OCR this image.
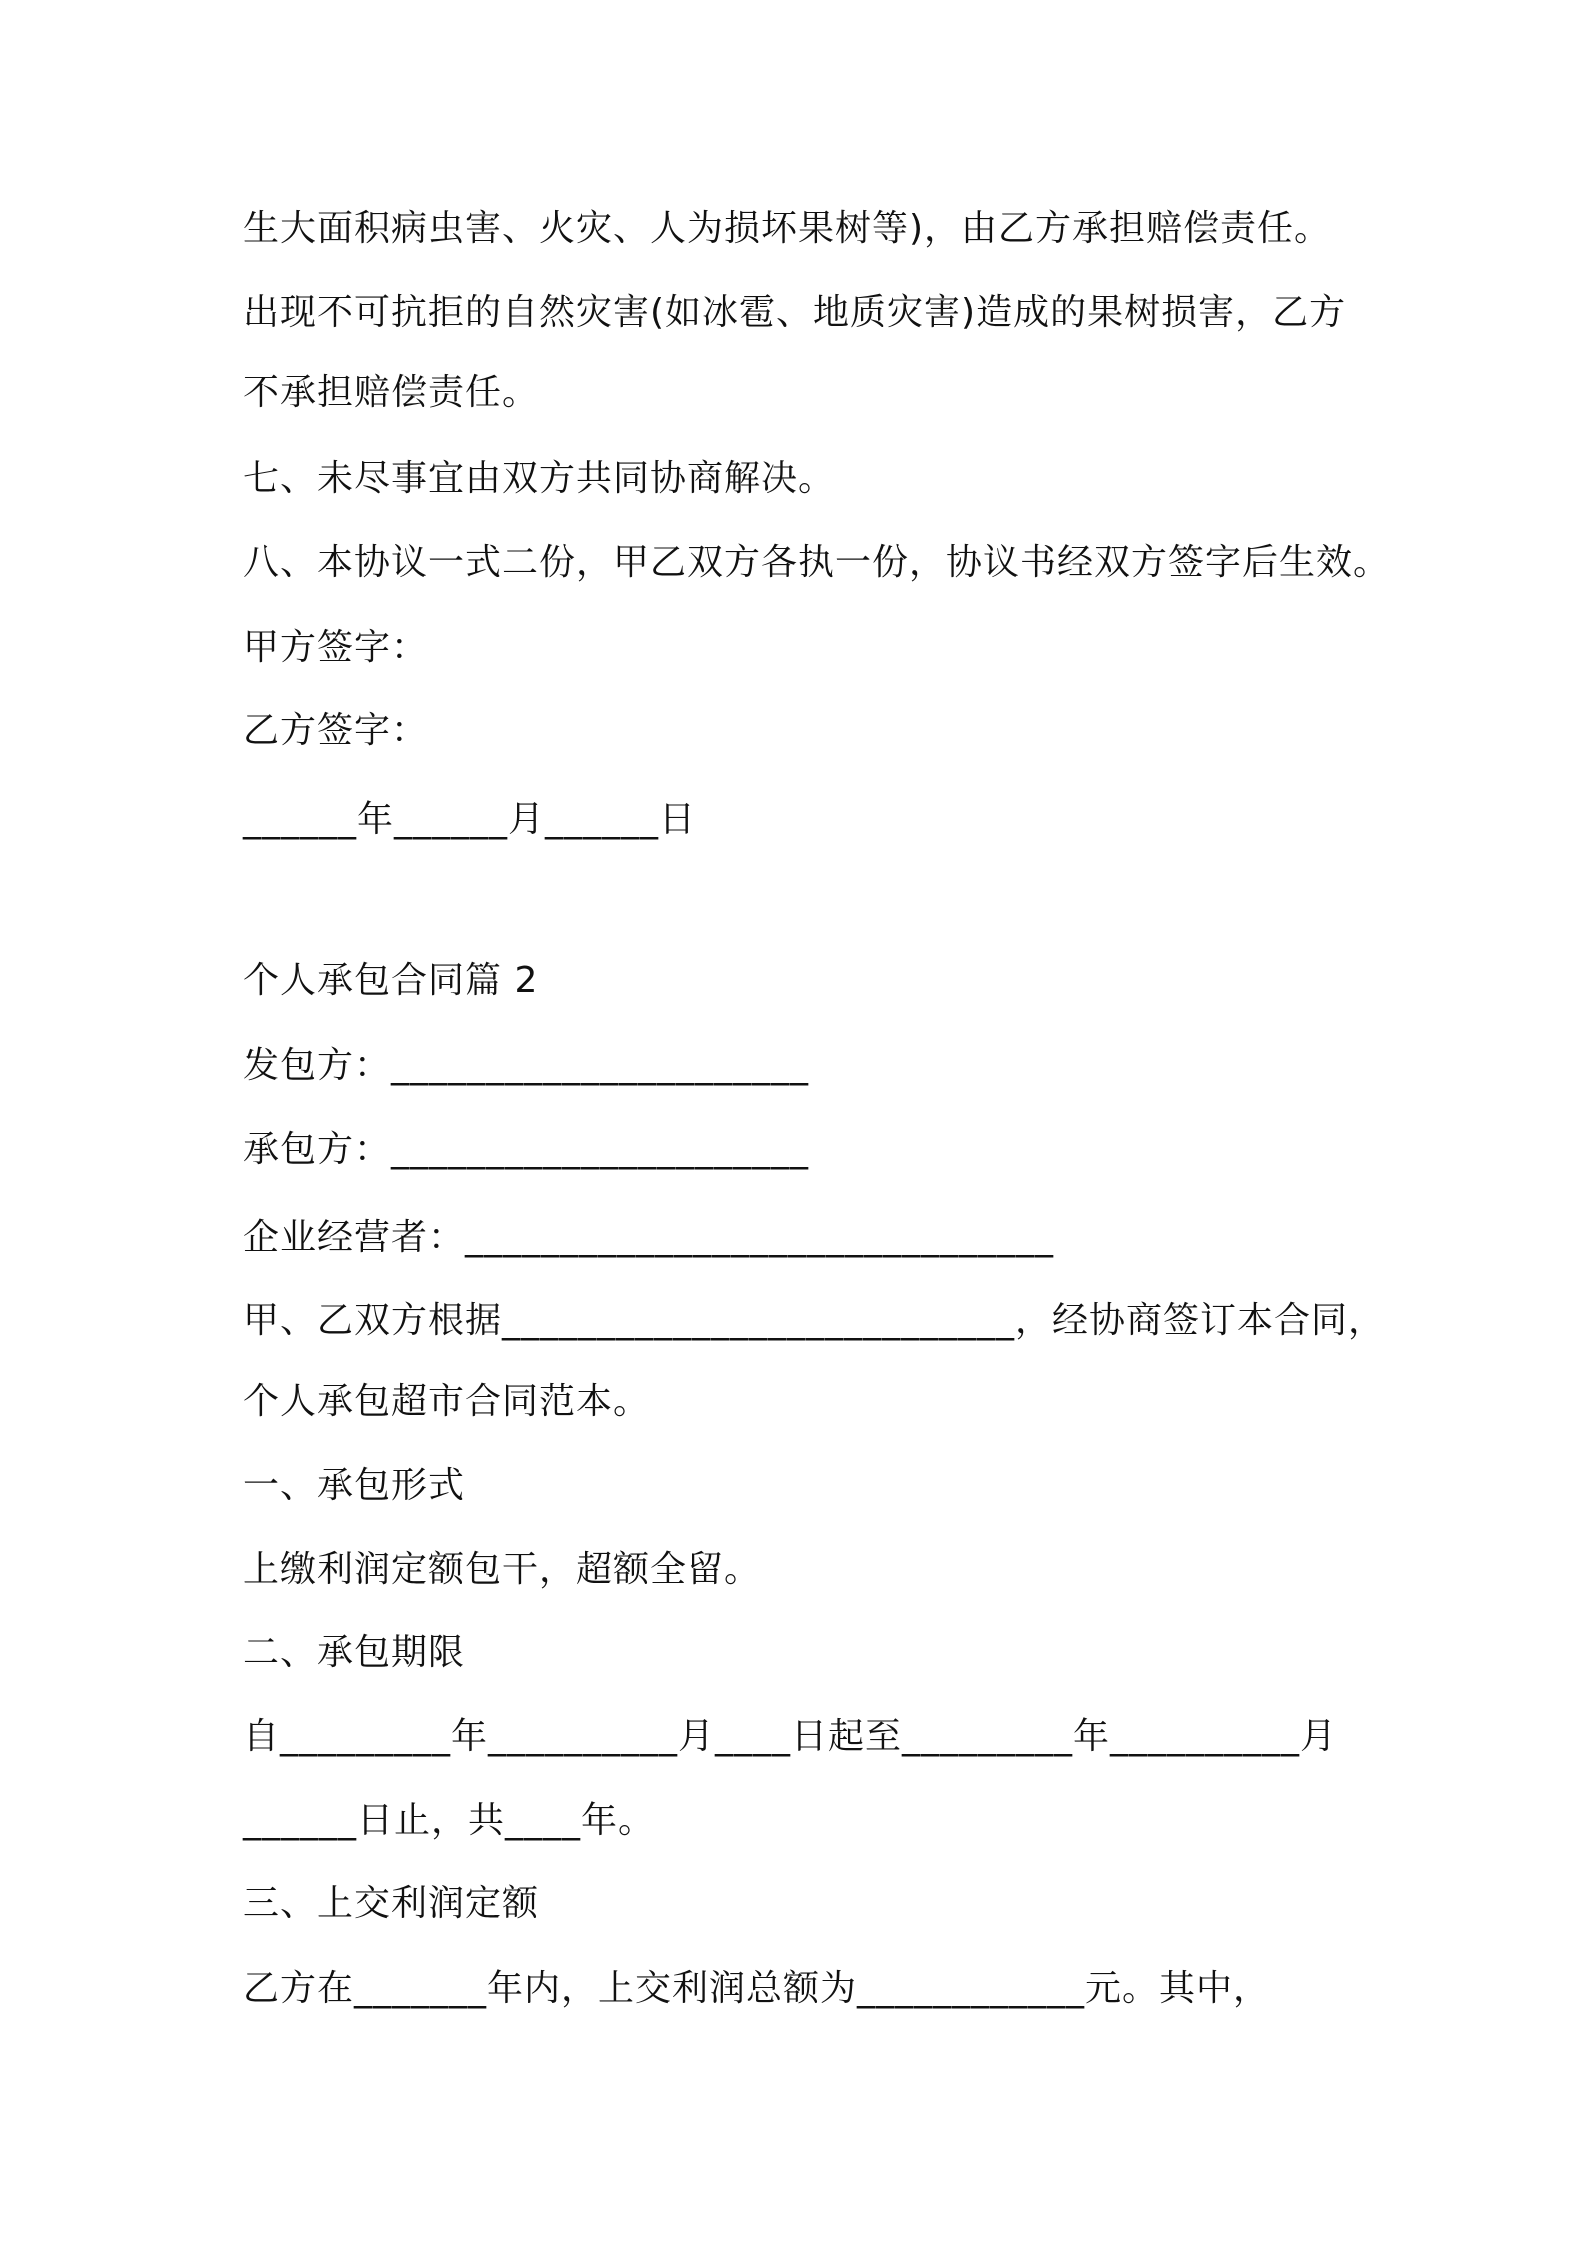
生大面积病虫害、火灾、人为损坏果树等)，由乙方承担赔偿责任。
出现不可抗拒的自然灾害(如冰雹、地质灾害)造成的果树损害，乙方
不承担赔偿责任。
七、未尽事宜由双方共同协商解决。
八、本协议一式二份，甲乙双方各执一份，协议书经双方签字后生效。
甲方签字：
乙方签字：
______年______月______日
个人承包合同篇 2
发包方：______________________
承包方：______________________
企业经营者：_______________________________
甲、乙双方根据___________________________，经协商签订本合同，
个人承包超市合同范本。
一、承包形式
上缴利润定额包干，超额全留。
二、承包期限
自_________年__________月____日起至_________年__________月
______日止，共____年。
三、上交利润定额
乙方在_______年内，上交利润总额为____________元。其中，
